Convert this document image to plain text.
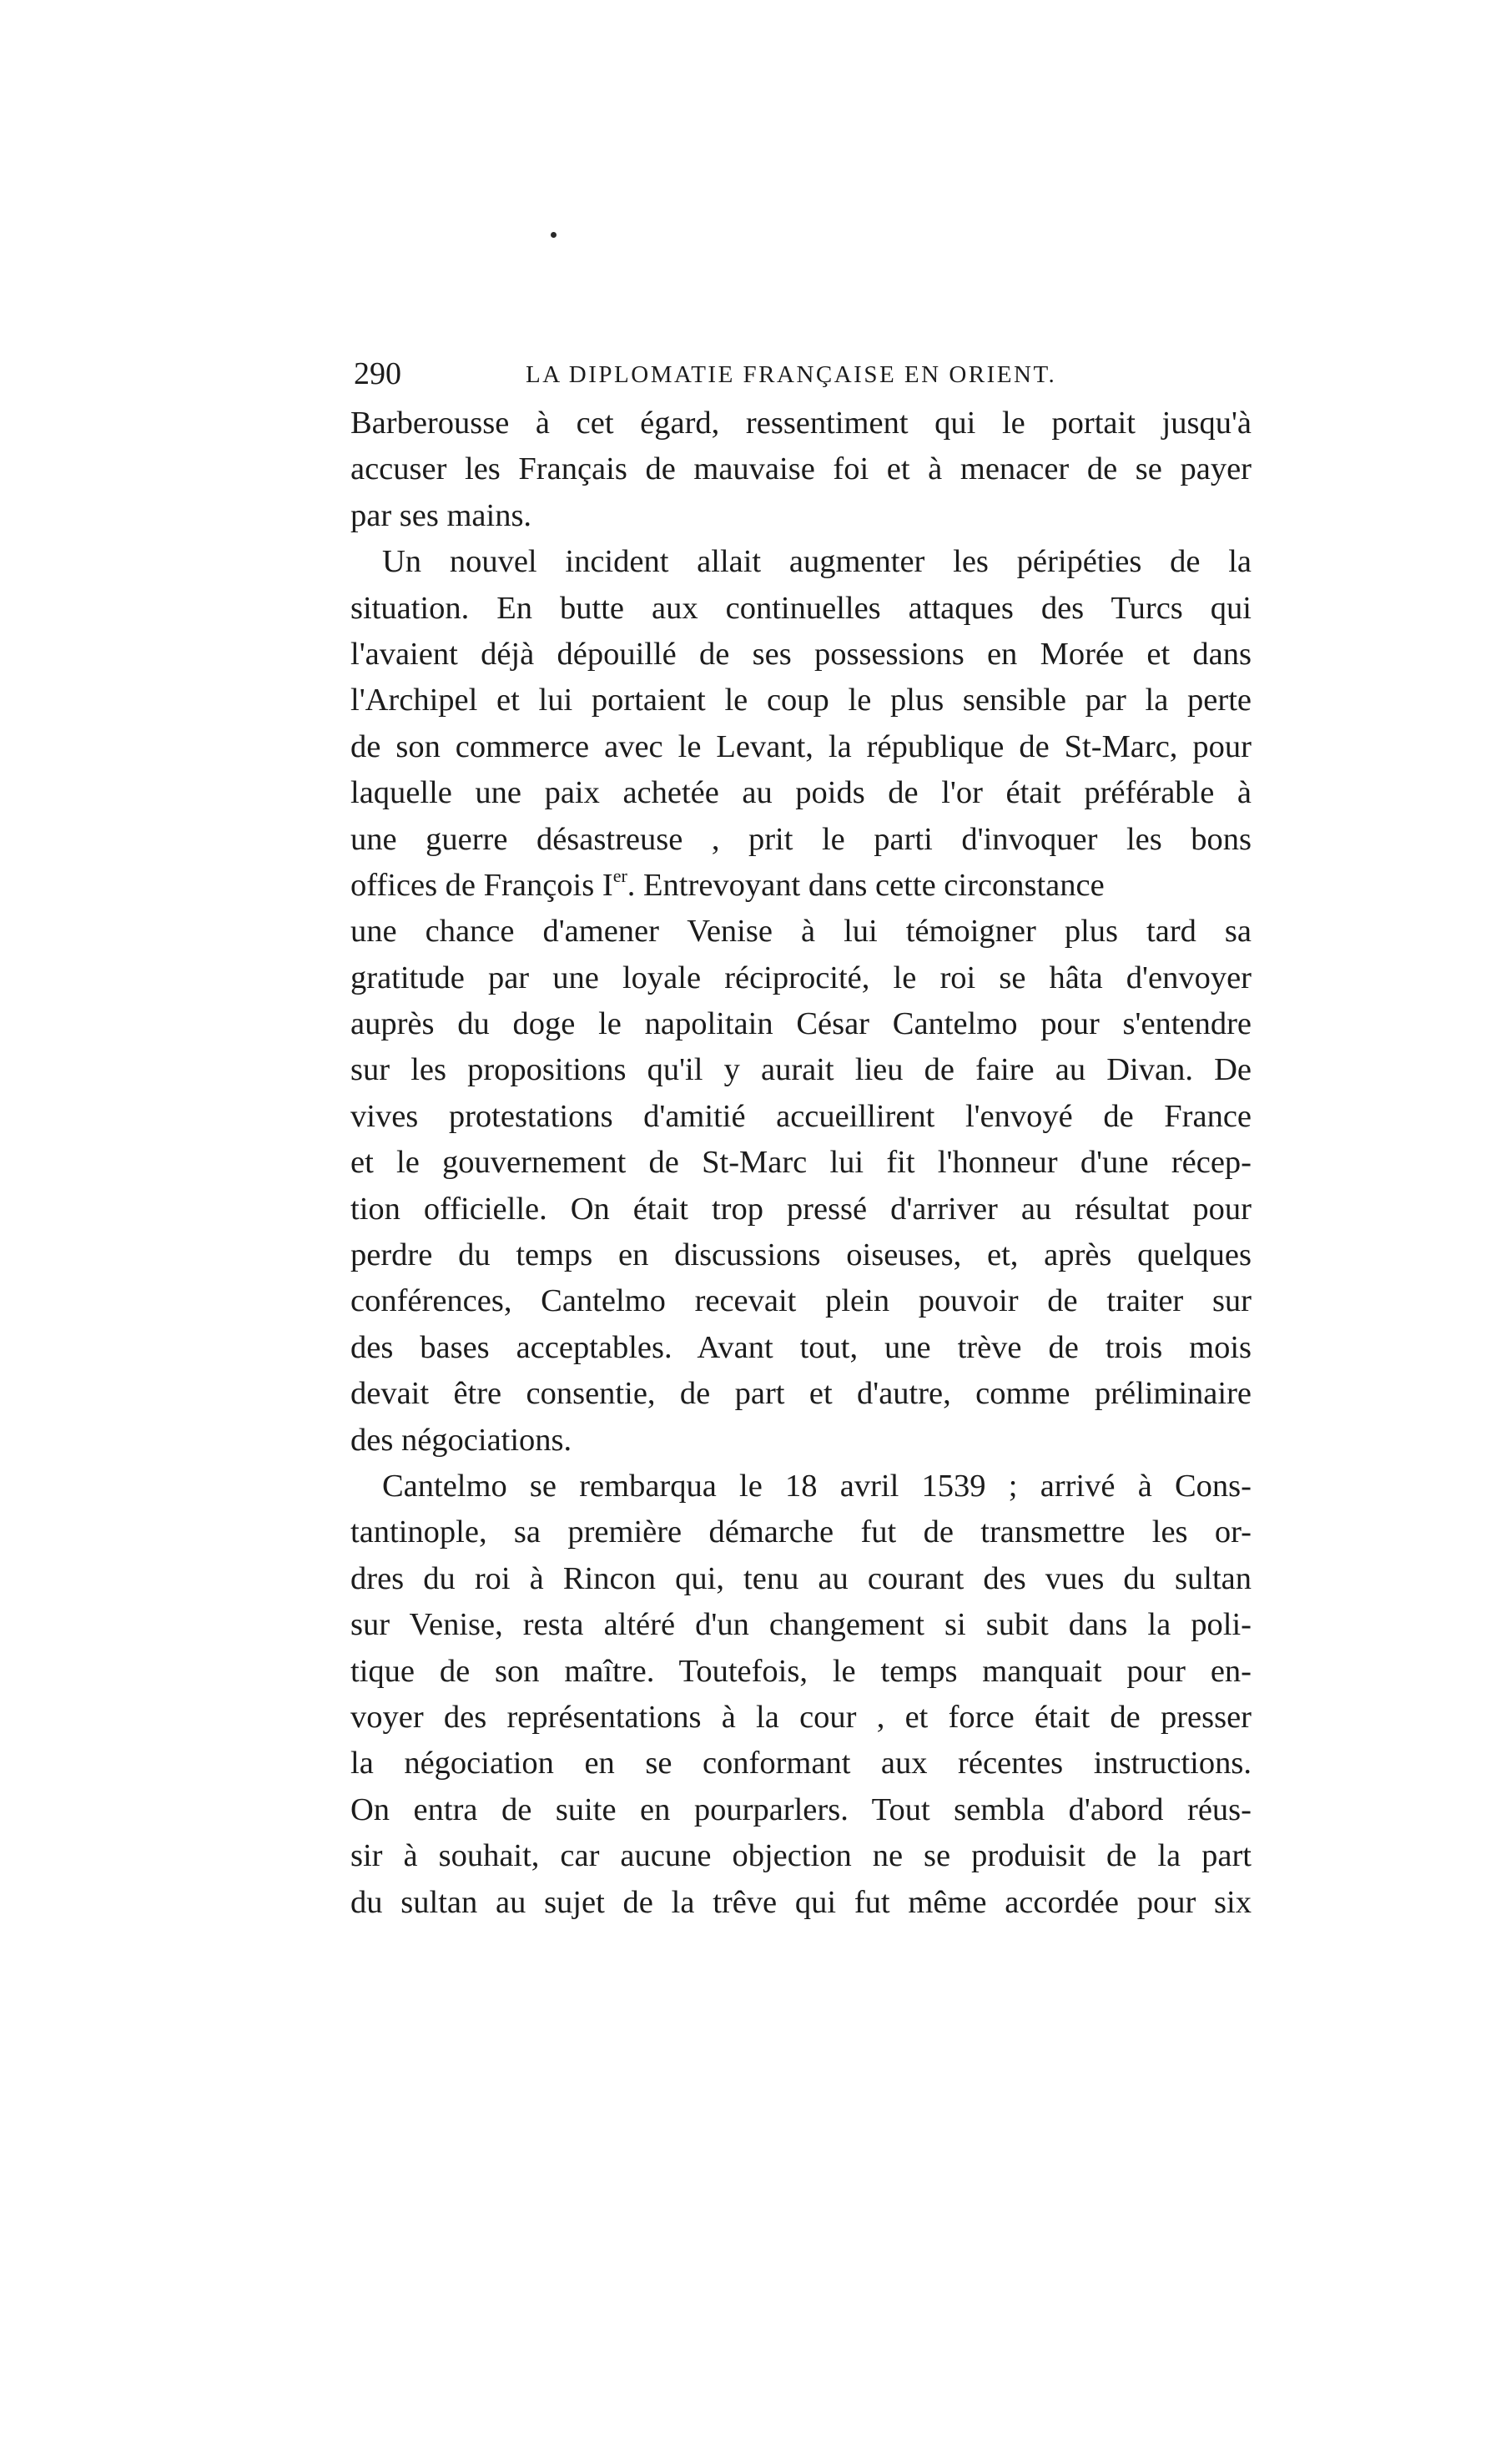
290	LA DIPLOMATIE FRANÇAISE EN ORIENT.
Barberousse à cet égard, ressentiment qui le portait jusqu'à
accuser les Français de mauvaise foi et à menacer de se payer
par ses mains.
Un nouvel incident allait augmenter les péripéties de la
situation. En butte aux continuelles attaques des Turcs qui
l'avaient déjà dépouillé de ses possessions en Morée et dans
l'Archipel et lui portaient le coup le plus sensible par la perte
de son commerce avec le Levant, la république de St-Marc, pour
laquelle une paix achetée au poids de l'or était préférable à
une guerre désastreuse , prit le parti d'invoquer les bons
offices de François Ier. Entrevoyant dans cette circonstance
une chance d'amener Venise à lui témoigner plus tard sa
gratitude par une loyale réciprocité, le roi se hâta d'envoyer
auprès du doge le napolitain César Cantelmo pour s'entendre
sur les propositions qu'il y aurait lieu de faire au Divan. De
vives protestations d'amitié accueillirent l'envoyé de France
et le gouvernement de St-Marc lui fit l'honneur d'une récep-
tion officielle. On était trop pressé d'arriver au résultat pour
perdre du temps en discussions oiseuses, et, après quelques
conférences, Cantelmo recevait plein pouvoir de traiter sur
des bases acceptables. Avant tout, une trève de trois mois
devait être consentie, de part et d'autre, comme préliminaire
des négociations.
Cantelmo se rembarqua le 18 avril 1539 ; arrivé à Cons-
tantinople, sa première démarche fut de transmettre les or-
dres du roi à Rincon qui, tenu au courant des vues du sultan
sur Venise, resta altéré d'un changement si subit dans la poli-
tique de son maître. Toutefois, le temps manquait pour en-
voyer des représentations à la cour , et force était de presser
la négociation en se conformant aux récentes instructions.
On entra de suite en pourparlers. Tout sembla d'abord réus-
sir à souhait, car aucune objection ne se produisit de la part
du sultan au sujet de la trêve qui fut même accordée pour six
